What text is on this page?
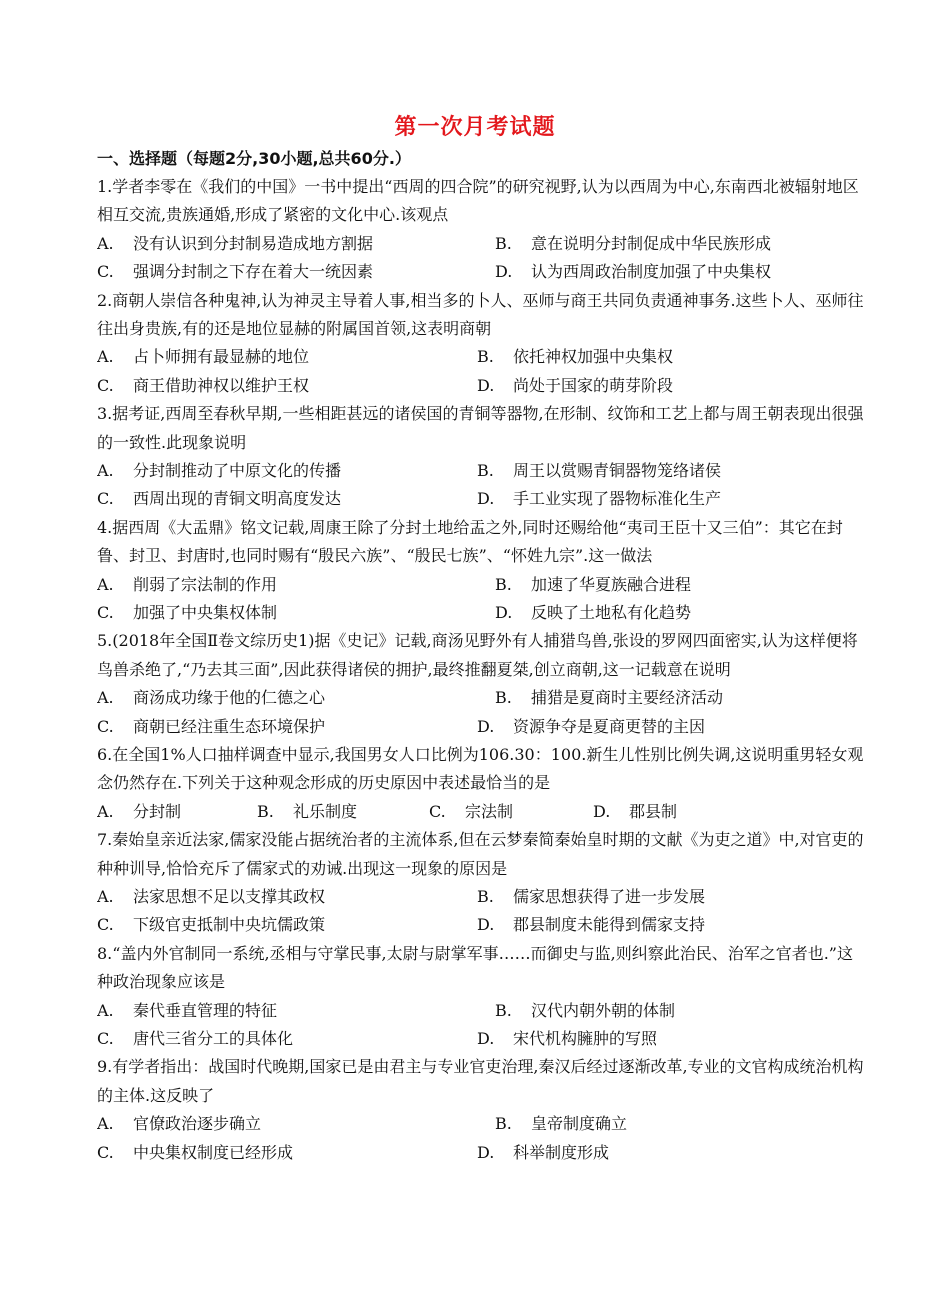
第一次月考试题
一、选择题（每题2分,30小题,总共60分.）
1.学者李零在《我们的中国》一书中提出“西周的四合院”的研究视野,认为以西周为中心,东南西北被辐射地区相互交流,贵族通婚,形成了紧密的文化中心.该观点
A. 没有认识到分封制易造成地方割据	B. 意在说明分封制促成中华民族形成
C. 强调分封制之下存在着大一统因素	D. 认为西周政治制度加强了中央集权
2.商朝人崇信各种鬼神,认为神灵主导着人事,相当多的卜人、巫师与商王共同负责通神事务.这些卜人、巫师往往出身贵族,有的还是地位显赫的附属国首领,这表明商朝
A. 占卜师拥有最显赫的地位	B. 依托神权加强中央集权
C. 商王借助神权以维护王权	D. 尚处于国家的萌芽阶段
3.据考证,西周至春秋早期,一些相距甚远的诸侯国的青铜等器物,在形制、纹饰和工艺上都与周王朝表现出很强的一致性.此现象说明
A. 分封制推动了中原文化的传播	B. 周王以赏赐青铜器物笼络诸侯
C. 西周出现的青铜文明高度发达	D. 手工业实现了器物标准化生产
4.据西周《大盂鼎》铭文记载,周康王除了分封土地给盂之外,同时还赐给他“夷司王臣十又三伯”：其它在封鲁、封卫、封唐时,也同时赐有“殷民六族”、“殷民七族”、“怀姓九宗”.这一做法
A. 削弱了宗法制的作用	B. 加速了华夏族融合进程
C. 加强了中央集权体制	D. 反映了土地私有化趋势
5.(2018年全国Ⅱ卷文综历史1)据《史记》记载,商汤见野外有人捕猎鸟兽,张设的罗网四面密实,认为这样便将鸟兽杀绝了,“乃去其三面”,因此获得诸侯的拥护,最终推翻夏桀,创立商朝,这一记载意在说明
A. 商汤成功缘于他的仁德之心	B. 捕猎是夏商时主要经济活动
C. 商朝已经注重生态环境保护	D. 资源争夺是夏商更替的主因
6.在全国1%人口抽样调查中显示,我国男女人口比例为106.30：100.新生儿性别比例失调,这说明重男轻女观念仍然存在.下列关于这种观念形成的历史原因中表述最恰当的是
A. 分封制	B. 礼乐制度	C. 宗法制	D. 郡县制
7.秦始皇亲近法家,儒家没能占据统治者的主流体系,但在云梦秦简秦始皇时期的文献《为吏之道》中,对官吏的种种训导,恰恰充斥了儒家式的劝诫.出现这一现象的原因是
A. 法家思想不足以支撑其政权	B. 儒家思想获得了进一步发展
C. 下级官吏抵制中央坑儒政策	D. 郡县制度未能得到儒家支持
8.“盖内外官制同一系统,丞相与守掌民事,太尉与尉掌军事……而御史与监,则纠察此治民、治军之官者也.”这种政治现象应该是
A. 秦代垂直管理的特征	B. 汉代内朝外朝的体制
C. 唐代三省分工的具体化	D. 宋代机构臃肿的写照
9.有学者指出：战国时代晚期,国家已是由君主与专业官吏治理,秦汉后经过逐渐改革,专业的文官构成统治机构的主体.这反映了
A. 官僚政治逐步确立	B. 皇帝制度确立
C. 中央集权制度已经形成	D. 科举制度形成
